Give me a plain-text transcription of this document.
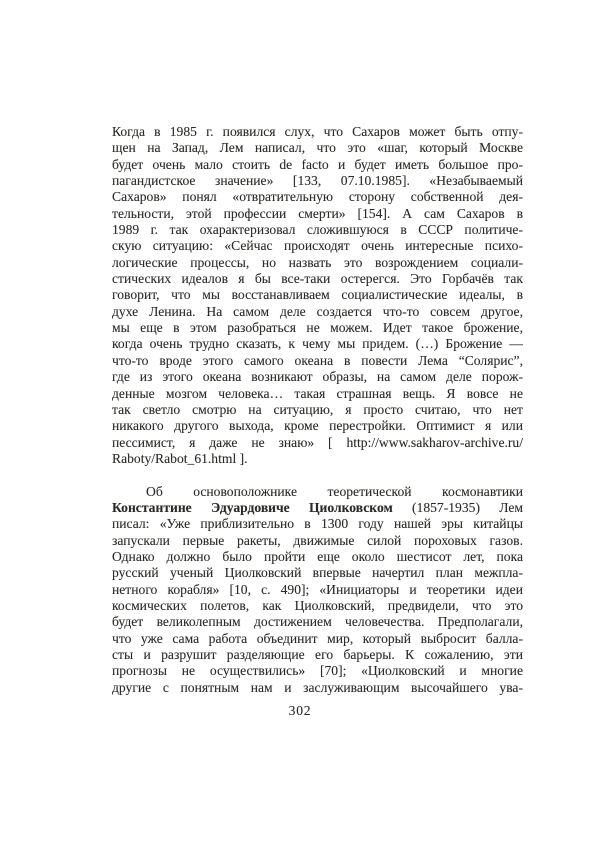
Когда в 1985 г. появился слух, что Сахаров может быть отпу-
щен на Запад, Лем написал, что это «шаг, который Москве
будет очень мало стоить de facto и будет иметь большое про-
пагандистское значение» [133, 07.10.1985]. «Незабываемый
Сахаров» понял «отвратительную сторону собственной дея-
тельности, этой профессии смерти» [154]. А сам Сахаров в
1989 г. так охарактеризовал сложившуюся в СССР политиче-
скую ситуацию: «Сейчас происходят очень интересные психо-
логические процессы, но назвать это возрождением социали-
стических идеалов я бы все-таки остерегся. Это Горбачёв так
говорит, что мы восстанавливаем социалистические идеалы, в
духе Ленина. На самом деле создается что-то совсем другое,
мы еще в этом разобраться не можем. Идет такое брожение,
когда очень трудно сказать, к чему мы придем. (…) Брожение —
что-то вроде этого самого океана в повести Лема “Солярис”,
где из этого океана возникают образы, на самом деле порож-
денные мозгом человека… такая страшная вещь. Я вовсе не
так светло смотрю на ситуацию, я просто считаю, что нет
никакого другого выхода, кроме перестройки. Оптимист я или
пессимист, я даже не знаю» [ http://www.sakharov-archive.ru/
Raboty/Rabot_61.html ].
Об основоположнике теоретической космонавтики
Константине Эдуардовиче Циолковском (1857-1935) Лем
писал: «Уже приблизительно в 1300 году нашей эры китайцы
запускали первые ракеты, движимые силой пороховых газов.
Однако должно было пройти еще около шестисот лет, пока
русский ученый Циолковский впервые начертил план межпла-
нетного корабля» [10, с. 490]; «Инициаторы и теоретики идеи
космических полетов, как Циолковский, предвидели, что это
будет великолепным достижением человечества. Предполагали,
что уже сама работа объединит мир, который выбросит балла-
сты и разрушит разделяющие его барьеры. К сожалению, эти
прогнозы не осуществились» [70]; «Циолковский и многие
другие с понятным нам и заслуживающим высочайшего ува-
302
